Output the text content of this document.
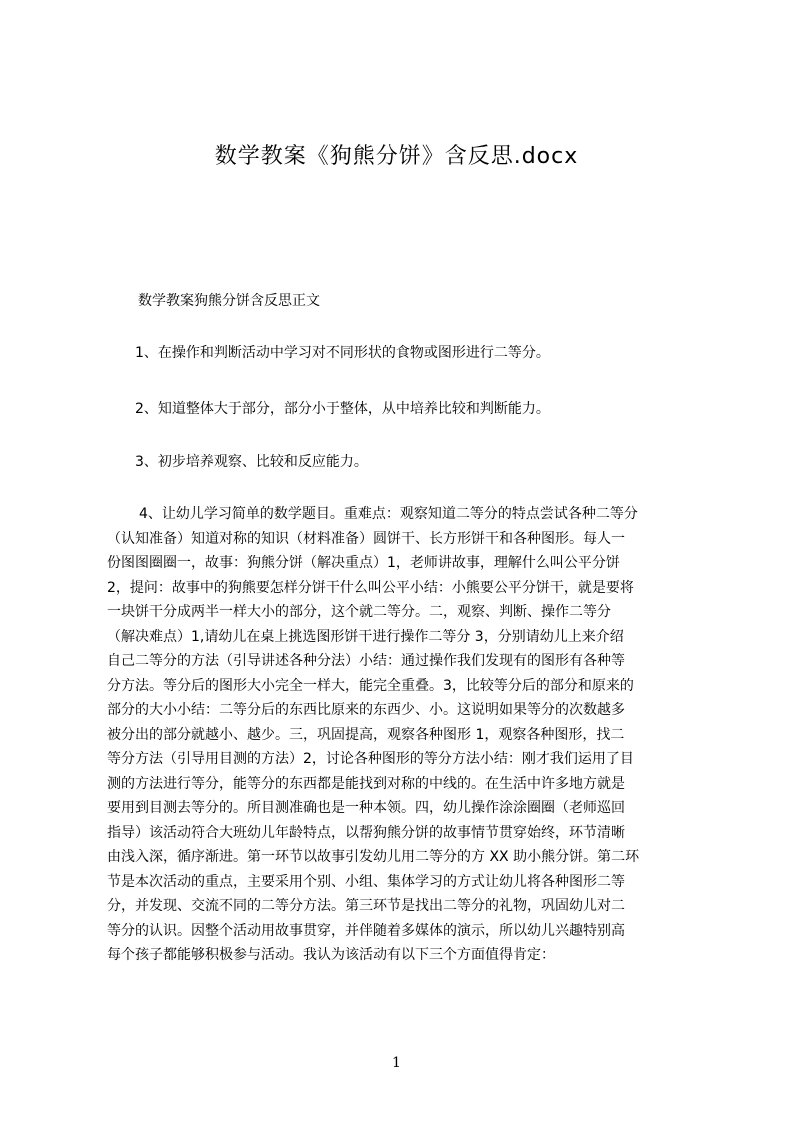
数学教案《狗熊分饼》含反思.docx
数学教案狗熊分饼含反思正文
1、在操作和判断活动中学习对不同形状的食物或图形进行二等分。
2、知道整体大于部分，部分小于整体，从中培养比较和判断能力。
3、初步培养观察、比较和反应能力。
4、让幼儿学习简单的数学题目。重难点：观察知道二等分的特点尝试各种二等分
（认知准备）知道对称的知识（材料准备）圆饼干、长方形饼干和各种图形。每人一
份图图圈圈一，故事：狗熊分饼（解决重点）1，老师讲故事，理解什么叫公平分饼
2，提问：故事中的狗熊要怎样分饼干什么叫公平小结：小熊要公平分饼干，就是要将
一块饼干分成两半一样大小的部分，这个就二等分。二，观察、判断、操作二等分
（解决难点）1,请幼儿在桌上挑选图形饼干进行操作二等分 3，分别请幼儿上来介绍
自己二等分的方法（引导讲述各种分法）小结：通过操作我们发现有的图形有各种等
分方法。等分后的图形大小完全一样大，能完全重叠。3，比较等分后的部分和原来的
部分的大小小结：二等分后的东西比原来的东西少、小。这说明如果等分的次数越多
被分出的部分就越小、越少。三，巩固提高，观察各种图形 1，观察各种图形，找二
等分方法（引导用目测的方法）2，讨论各种图形的等分方法小结：刚才我们运用了目
测的方法进行等分，能等分的东西都是能找到对称的中线的。在生活中许多地方就是
要用到目测去等分的。所目测准确也是一种本领。四，幼儿操作涂涂圈圈（老师巡回
指导）该活动符合大班幼儿年龄特点，以帮狗熊分饼的故事情节贯穿始终，环节清晰
由浅入深，循序渐进。第一环节以故事引发幼儿用二等分的方 XX 助小熊分饼。第二环
节是本次活动的重点，主要采用个别、小组、集体学习的方式让幼儿将各种图形二等
分，并发现、交流不同的二等分方法。第三环节是找出二等分的礼物，巩固幼儿对二
等分的认识。因整个活动用故事贯穿，并伴随着多媒体的演示，所以幼儿兴趣特别高
每个孩子都能够积极参与活动。我认为该活动有以下三个方面值得肯定：
1
